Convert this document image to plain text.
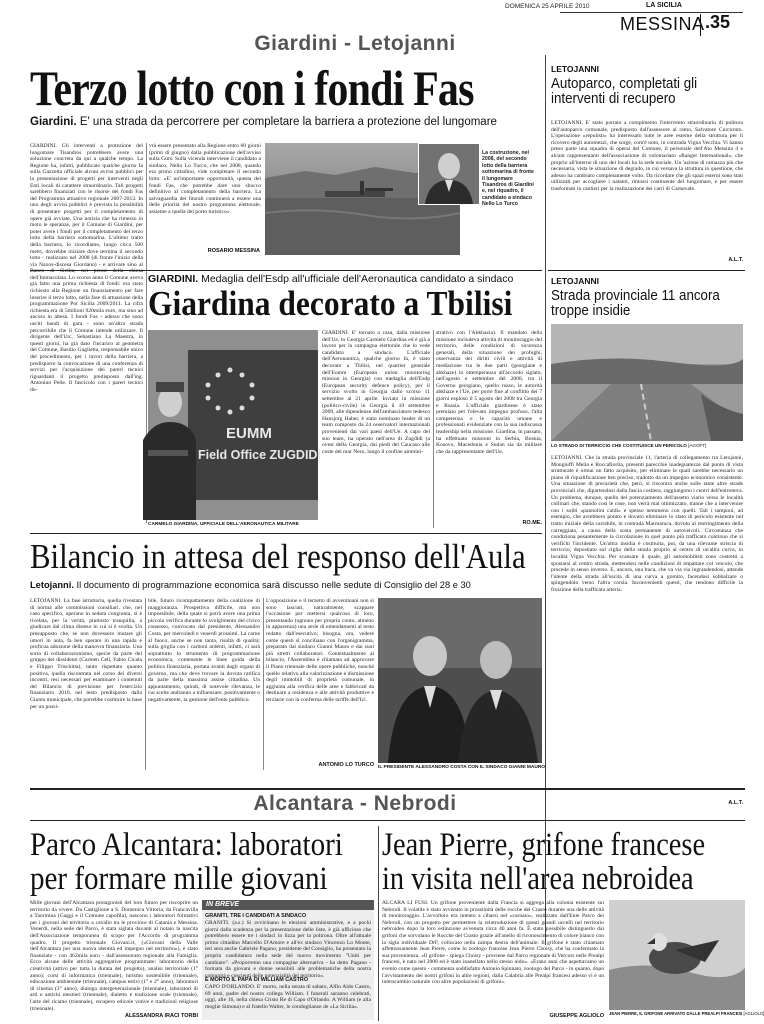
DOMENICA 25 APRILE 2010	LA SICILIA
MESSINA .35
Giardini - Letojanni
Terzo lotto con i fondi Fas
Giardini. E' una strada da percorrere per completare la barriera a protezione del lungomare
GIARDINI. Gli interventi a protezione del lungomare Tisandros potrebbero avere una soluzione concreta da qui a qualche tempo. La Regione ha, infatti, pubblicato qualche giorno fa sulla Gazzetta ufficiale alcuni avvisi pubblici per la presentazione di progetti per interventi negli Enti locali di carattere straordinario. Tali progetti sarebbero finanziati con le risorse dei fondi Fas del Programma attuativo regionale 2007-2013. In uno degli avvisi pubblici è prevista la possibilità di presentare progetti per il completamento di opere già avviate. Una notizia che ha rimesso in moto le speranze, per il Comune di Giardini, per poter avere i fondi per il completamento del terzo lotto della barriera sottomarina. L'ultimo tratto della barriera, lo ricordiamo, lungo circa 500 metri, dovrebbe iniziare dove termina il secondo lotto - realizzato nel 2008 (di fronte l'inizio della via Naxos-discesa Giordano) - e arrivare sino al Banco di Sicilia, nei pressi della chiesa dell'Immacolata. Lo scorso anno il Comune aveva già fatto una prima richiesta di fondi: era stato richiesto alla Regione un finanziamento per fare inserire il terzo lotto, nella fase di attuazione della programmazione Por Sicilia 2009/2011. La cifra richiesta era di 5milioni 920mila euro, ma sino ad ancora in attesa. I fondi Fas - adesso che sono usciti bandi di gara - sono un'altra strada percorribile che il Comune intende utilizzare. Il dirigente dell'Utc, Sebastiano La Maestra, in questi giorni, ha già dato l'incarico al geometra del Comune, Basilio Guglietta, responsabile unico del procedimento, per i lavori della barriera, a predisporre la convocazione di una conferenza di servizi per l'acquisizione dei pareri tecnici riguardanti il progetto predisposto dall'ing. Antonino Pelle. Il fascicolo con i pareri tecnici do-
vrà essere presentato alla Regione entro 60 giorni (primi di giugno) dalla pubblicazione dell'avviso sulla Gurs. Sulla vicenda interviene il candidato a sindaco, Nello Lo Turco, che nel 2008, quando era primo cittadino, vide completare il secondo lotto: «E' un'importante opportunità, questa dei fondi Fas, che potrebbe dare uno sbocco definitivo al completamento della barriera. La salvaguardia dei litorali continuerà a essere una delle priorità del nostro programma elettorale, assieme a quella del porto turistico».
La costruzione, nel 2008, del secondo lotto della barriera sottomarina di fronte il lungomare Tisandros di Giardini e, nel riquadro, il candidato a sindaco Nello Lo Turco
ROSARIO MESSINA
LETOJANNI
Autoparco, completati gli interventi di recupero
LETOJANNI. E' stato portato a compimento l'intervento straordinario di pulitura dell'autoparco comunale, predisposto dall'assessore al ramo, Salvatore Curcuruto. L'operazione «repulisti» ha interessato tutte le aree esterne della struttura per il ricovero degli automezzi, che sorge, com'è noto, in contrada Vigna Vecchia. Vi hanno preso parte una squadra di operai del Comune, il personale dell'Ato Messina 4 e alcuni rappresentanti dell'associazione di volontariato «Ranger International», che proprio all'interno di uno dei locali ha la sede sociale. Un 'azione di ramazza più che necessaria, vista le situazione di degrado, in cui versava la struttura in questione, che adesso ha cambiato completamente volto. Da ricordare che gli spazi esterni sono stati utilizzati per accogliere i natanti, rimossi costituente del lungomare, e per essere trasformati in cantieri per la realizzazione dei carri di Carnevale.
A.L.T.
GIARDINI. Medaglia dell'Esdp all'ufficiale dell'Aeronautica candidato a sindaco
Giardina decorato a Tbilisi
EUMM
Field Office ZUGDIDI
CARMELO GIARDINA, UFFICIALE DELL'AERONAUTICA MILITARE
GIARDINI. E' tornato a casa, dalla missione dell'Ue, in Georgia Carmelo Giardina ed è già a lavoro per la campagna elettorale che lo vede candidato a sindaco. L'ufficiale dell'Aeronautica, qualche giorno fa, è stato decorato a Tbilisi, nel quartier generale dell'Eumm (European union monitoring mission in Georgia) con medaglia dell'Esdp (European security defence policy), per il servizio svolto in Georgia dallo scorso 11 settembre al 21 aprile. Inviato in missione (politico-civile) in Georgia il 10 settembre 2009, alle dipendenze dell'ambasciatore tedesco Hansjorg Haber, è stato nominato leader di un team composto da 24 osservatori internazionali provenienti dai vari paesi dell'Ue. A capo del suo team, ha operato nell'area di Zugdidi (a ovest della Georgia, dai piedi del Caucaso alle coste del mar Nero, lungo il confine ammini-
strativo con l'Abkhazia). Il mandato della missione includeva attività di monitoraggio del territorio, delle condizioni di sicurezza generali, della situazione dei profughi, osservanza dei diritti civili e attività di mediazione tra le due parti (georgiane e abkhaze) in ottemperanza all'accordo siglato, nell'agosto e settembre del 2008, tra il Governo georgiano, quello russo, le autorità abkhaze e l'Ue, per porre fine al conflitto dei 7 giorni esploso il 5 agosto del 2008 tra Georgia e Russia. L'ufficiale giardinese è stato premiato per l'elevato impegno profuso, l'alta competenza e le capacità umane e professionali evidenziate con la sua indiscussa leadership nella missione. Giardina, in passato, ha effettuato missioni in Serbia, Bosnia, Kosovo, Macedonia e Sudan sia da militare che da rappresentante dell'Ue.
RO.ME.
LETOJANNI
Strada provinciale 11 ancora troppe insidie
LO STRADO DI TERRICCIO CHE COSTITUISCE UN PERICOLO [AGOFT]
LETOJANNI. Che la strada provinciale 11, l'arteria di collegamento tra Letojanni, Mongiuffi Melia e Roccafiorita, presenti parecchie inadeguatezze dal punto di vista strutturale è ormai un fatto acquisito, per eliminare le quali sarebbe necessario un piano di riqualificazione ben preciso, tradotto da un impegno economico consistente. Una situazione di precarietà che, però, si riscontra anche sulle tante altre strade provinciali che, dipartendosi dalla fascia costiera, raggiungono i centri dell'entroterra. Un problema, dunque, quello del potenziamento dell'assetto viario verso le località collinari che, stando così le cose, non verrà mai ottimizzato, tranne che a intervenire con i soliti «pannolini caldi» e spesso nemmeno con quelli. Tali i tamponi, ad esempio, che avrebbero potuto e dovuto eliminare lo stato di pericolo esistente nel tratto iniziale della carrabile, in contrada Marmaruca, dovuto al restringimento della carreggiata, a causa della sosta permanente di autoveicoli. Circostanza che condiziona pesantemente la circolazione in quel punto più trafficato continuo che si verifichi l'incidente. Un'altra insidia è costituita, poi, da una rilevante striscia di terriccio, depositato sul ciglio della strada proprio al centro di un'altra curva, in località Vigna Vecchia. Per scansare il quale, gli automobilisti sono costretti a spostarsi al centro strada, mettendosi nelle condizioni di impattare col veicolo, che procede in senso inverso. E, ancora, una buca, che va via via ingrandendosi, attende l'utente della strada all'uscita di una curva a gomito, facendosi sobbalzare o spingendolo verso l'altra corsia. Inconvenienti questi, che rendono difficile la fruizione della trafficata arteria.
A.L.T.
Bilancio in attesa del responso dell'Aula
Letojanni. Il documento di programmazione economica sarà discusso nelle sedute di Consiglio del 28 e 30
LETOJANNI. La fase istruttoria, quella rivestata di norma alle commissioni consiliari, che, nel caso specifico, operano in seduta congiunta, si è rivelata, per la verità, piuttosto tranquilla, a giudicare dal clima disteso in cui si è svolta. Un presupposto che, se non dovessero mutare gli umori in aula, fa ben sperare in una rapida e proficua adozione della manovra finanziaria. Una sorta di collaborazionismo, specie da parte del gruppo dei dissidenti (Carmen Cell, Fabio Cicala e Filippo Trischitta), tanto rispettato quanto positiva, quella riscontrata nel corso dei diversi incontri, resi necessari per esaminare i contenuti del Bilancio di previsione per l'esercizio finanziario 2010, nel testo predisposto dalla Giunta municipale, che potrebbe costituire la base per un possi-
bile, futuro ricompattamento della coalizione di maggioranza. Prospettiva difficile, ma non impossibile, della quale si potrà avere una prima piccola verifica durante lo svolgimento del civico consesso, convocato dal presidente, Alessandro Costa, per mercoledì e venerdì prossimi. La carne al fuoco, anche se non tanta, risulta di qualità; sulla griglia con i carboni ardenti, infatti, ci sarà soprattutto lo strumento di programmazione economica, contenente le linee guida della politica finanziaria, portata avanti dagli organi di governo, ma che deve trovare la dovuta ratifica da parte della massima assise cittadina. Un appuntamento, quindi, di notevole rilevanza, le cui scelte andranno a influenzare, positivamente o negativamente, la gestione dell'ente pubblico.
L'opposizione e il terzetto di avventinani non si sono lasciati, naturalmente, scappare l'occasione per mettersi qualcosa di loro, presentando (ognuno per proprio conto, almeno in apparenza) una serie di emendamenti al testo redatto dall'esecutivo; bisogna, ora, vedere come questi si conciliano con l'organigramma, preparato dal sindaco Gianni Mauro e dai suoi più stretti collaboratori. Contestualmente al bilancio, l'Assemblea è chiamata ad approvare il Piano triennale delle opere pubbliche, nonché quello relativo alla valorizzazione e dismissione degli immobili di proprietà comunale, in aggiunta alla verifica delle aree e fabbricati da destinare a residenza e alle attività produttive e terziarie con la conferma delle tariffe dell'Ici.
ANTONIO LO TURCO IL PRESIDENTE ALESSANDRO COSTA CON IL SINDACO GIANNI MAURO
Alcantara - Nebrodi
Parco Alcantara: laboratori per formare mille giovani
Mille giovani dell'Alcantara protagonisti del loro futuro per riscoprire un territorio da vivere. Da Castiglione a S. Domenica Vittoria, da Francavilla a Taormina (Gaggi e il Comune capofila), nascono i laboratori formativi per i giovani del territorio a cavallo tra le province di Catania e Messina. Venerdì, nella sede del Parco, è stata siglata davanti al notaio la nascita dell'Associazione temporanea di scopo per l'Accordo di programma quadro. Il progetto triennale Giovani.it, («Giovani della Valle dell'Alcantara per una nuova identità ed impegno nel territorio»), è stato finanziato - con 462mila euro - dall'assessorato regionale alla Famiglia. Ecco alcune delle attività aggregative programmate: laboratorio della creatività (attivo per tutta la durata del progetto), analisi territoriale (1° anno); corsi di informatica (triennale), turismo sostenibile (triennale), educazione ambientale (triennale), campus estivi (1° e 2° anno), laboratori di cinema (3° anno), dialogo intergenerazionale (triennale), laboratori di arti e antichi mestieri (triennale), dialetto e tradizione orale (triennale), l'arte del ricamo (triennale), recupero edicole votive e tradizioni religiose (triennale).
ALESSANDRA IRACI TORBI
IN BREVE
GRANITI, TRE I CANDIDATI A SINDACO
GRANITI. (a.s.) Si avvicinano le elezioni amministrative, e a pochi giorni dalla scadenza per la presentazione delle liste, è già ufficioso che potrebbero essere tre i sindaci in lizza per la poltrona. Oltre all'attuale primo cittadino Marcello D'Amore e all'ex sindaco Vincenzo Lo Monte, ieri sera anche Gabriele Pagano, presidente del Consiglio, ha presentato la propria candidatura nella sede del nuovo movimento "Uniti per cambiare". «Proporremo una compagine alternativa - ha detto Pagano - formata da giovani e donne sensibili alle problematiche della nostra comunità e coscienti delle potenzialità del territorio».
È MORTO IL PAPÀ DI WILLIAM CASTRO
CAPO D'ORLANDO. E' morto, nella serata di sabato, Alfio Aldo Castro, 69 anni, padre del nostro collega William. I funerali saranno celebrati, oggi, alle 16, nella chiesa Cristo Re di Capo d'Orlando. A William (e alla moglie Simona) e al fratello Walter, le condoglianze de «La Sicilia».
Jean Pierre, grifone francese in visita nell'area nebroidea
ALCARA LI FUSI. Un grifone proveniente dalla Francia si aggrega alla colonia esistente sui Nebrodi. Il volatile è stato avvistato in prossimità delle rocche del Crasto durante una delle attività di monitoraggio. L'avvoltoio era intento a cibarsi nel «carnaio», realizzato dall'Ente Parco dei Nebrodi, con un progetto per permettere la reintroduzione di questi grandi uccelli nel territorio nebroideo dopo la loro estinzione avvenuta circa 40 anni fa. È stato possibile distinguerlo dai grifoni che sorvolano le Rocche del Crasto grazie all'anello di riconoscimento di colore bianco con la sigla individuale DrF, collocato nella zampa destra dell'animale. Il grifone è stato chiamato affettuosamente Jean Pierre, come lo zoologo francese Jean Pierre Choisy, che ha confermato la sua provenienza. «Il grifone - spiega Choisy - proviene dal Parco regionale di Vercors nelle Prealpi francesi, è nato nel 2008 ed è stato inanellato nello stesso nido». «Erano anni che aspettavamo un evento come questo - commenta soddisfatto Antonio Spinnato, zoologo del Parco - in quanto, dopo l'avvistamento dei nostri grifoni in altre regioni, dalla Calabria alle Prealpi francesi adesso vi è un interscambio naturale con altre popolazioni di grifoni».
GIUSEPPE AGLIOLO JEAN PIERRE, IL GRIFONE ARRIVATO DALLE PREALPI FRANCESI [AGLIOLO]
